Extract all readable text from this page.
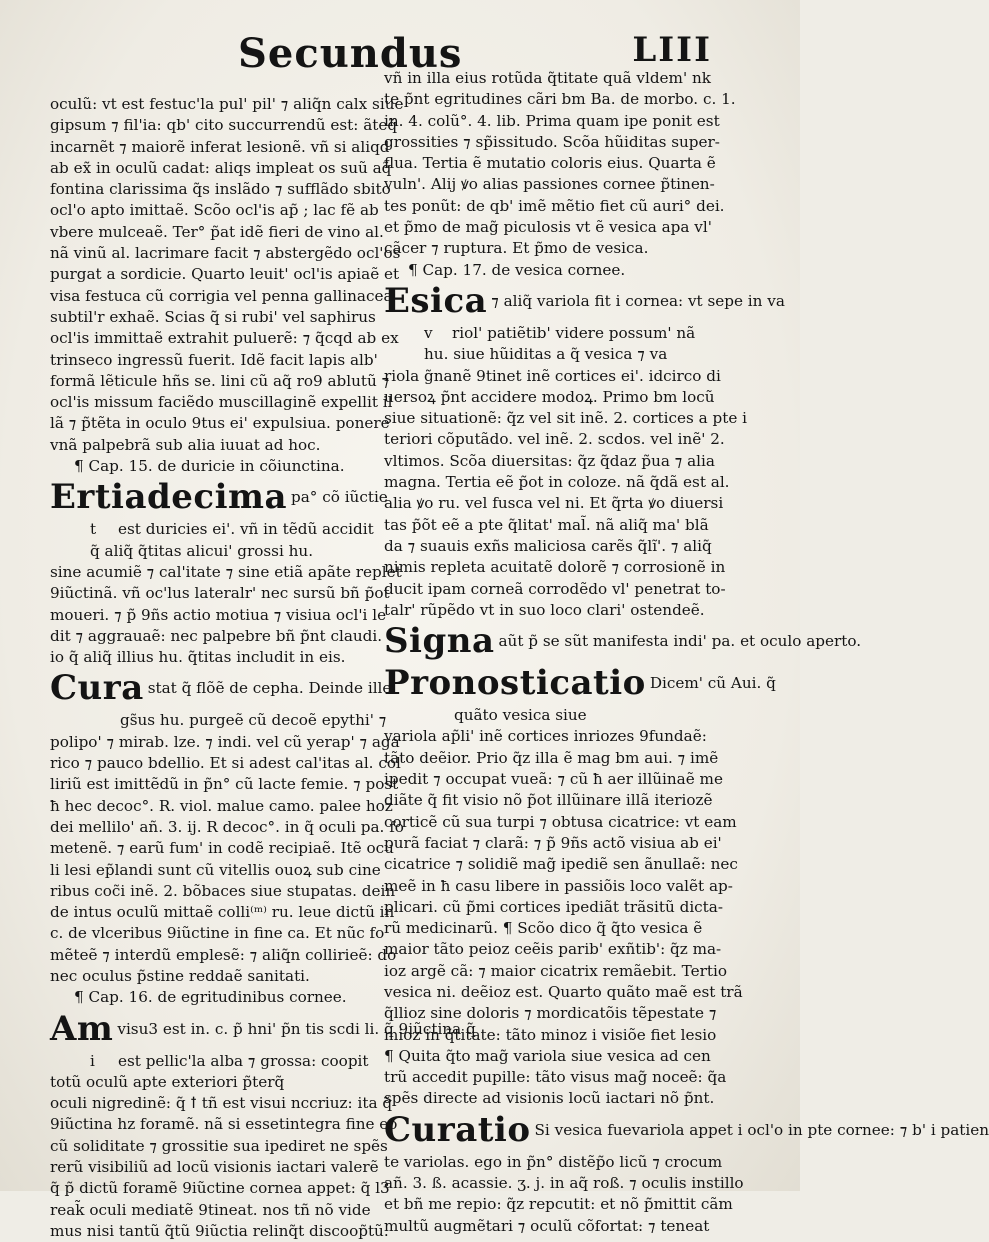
Secundus	LIII
oculũ: vt est festuc'la pul' pil' ⁊ aliq̃n calx siue
gipsum ⁊ fil'ia: qb' cito succurrendũ est: ãteq̃
incarnẽt ⁊ maiorẽ inferat lesionẽ. vñ si aliqd
ab ex̃ in oculũ cadat: aliqs impleat os suũ aq̃
fontina clarissima q̃s inslãdo ⁊ sufflãdo sbito
ocl'o apto imittaẽ. Scõo ocl'is ap̃ ; lac fẽ ab
vbere mulceaẽ. Ter° p̃at idẽ fieri de vino al.
nã vinũ al. lacrimare facit ⁊ abstergẽdo ocl'os
purgat a sordicie. Quarto leuit' ocl'is apiaẽ et
visa festuca cũ corrigia vel penna gallinacea
subtil'r exhaẽ. Scias q̃ si rubi' vel saphirus
ocl'is immittaẽ extrahit puluerẽ: ⁊ q̃cqd ab ex
trinseco ingressũ fuerit. Idẽ facit lapis alb'
formã lẽticule hñs se. lini cũ aq̃ ro9 ablutũ ⁊
ocl'is missum faciẽdo muscillaginẽ expellit il
lã ⁊ p̃tẽta in oculo 9tus ei' expulsiua. ponere
vnã palpebrã sub alia iuuat ad hoc.
¶ Cap. 15. de duricie in cõiunctina.
Ertiadecima pa° cõ iũctie
t est duricies ei'. vñ in tẽdũ accidit
q̃ aliq̃ q̃titas alicui' grossi hu.
sine acumiẽ ⁊ cal'itate ⁊ sine etiã apãte replet
9iũctinã. vñ oc'lus lateralr' nec sursũ bñ p̃ot
moueri. ⁊ p̃ 9ñs actio motiua ⁊ visiua ocl'i le
dit ⁊ aggrauaẽ: nec palpebre bñ p̃nt claudi.
io q̃ aliq̃ illius hu. q̃titas includit in eis.
Cura stat q̃ flõẽ de cepha. Deinde ille
gs̃us hu. purgeẽ cũ decoẽ epythi' ⁊
polipo' ⁊ mirab. lze. ⁊ indi. vel cũ yerap' ⁊ aga
rico ⁊ pauco bdellio. Et si adest cal'itas al. col
liriũ est imittẽdũ in p̃n° cũ lacte femie. ⁊ post
ħ hec decoc°. R. viol. malue camo. palee hoz
dei mellilo' añ. 3. ij. R decoc°. in q̃ oculi pa. fo
metenẽ. ⁊ earũ fum' in codẽ recipiaẽ. Itẽ ocu
li lesi ep̃landi sunt cũ vitellis ouoꝝ sub cine
ribus coc̃i inẽ. 2. bõbaces siue stupatas. dein
de intus oculũ mittaẽ colli⁽ᵐ⁾ ru. leue dictũ in
c. de vlceribus 9iũctine in fine ca. Et nũc fo
mẽteẽ ⁊ interdũ emplesẽ: ⁊ aliq̃n collirieẽ: do
nec oculus p̃stine reddaẽ sanitati.
¶ Cap. 16. de egritudinibus cornee.
Am visu3 est in. c. p̃ hni' p̃n tis scdi li. q̃ 9iũctina q̃
i est pellic'la alba ⁊ grossa: coopit
totũ oculũ apte exteriori p̃terq̃
oculi nigredinẽ: q̃ ꝉ tñ est visui nccriuz: ita q̃
9iũctina hz foramẽ. nã si essetintegra fine eo
cũ soliditate ⁊ grossitie sua ipediret ne spẽs
rerũ visibiliũ ad locũ visionis iactari valerẽ
q̃ p̃ dictũ foramẽ 9iũctine cornea appet: q̃ l3
reak̃ oculi mediatẽ 9tineat. nos tñ nõ vide
mus nisi tantũ q̃tũ 9iũctia relinq̃t discoop̃tũ.
vñ in illa eius rotũda q̃titate quã vldem' nk
te p̃nt egritudines cãri bm Ba. de morbo. c. 1.
in. 4. colũ°. 4. lib. Prima quam ipe ponit est
grossities ⁊ sp̃issitudo. Scõa hũiditas super-
flua. Tertia ẽ mutatio coloris eius. Quarta ẽ
vuln'. Alij ꝟo alias passiones cornee p̃tinen-
tes ponũt: de qb' imẽ mẽtio fiet cũ auri° dei.
et p̃mo de mag̃ piculosis vt ẽ vesica apa vl'
cãcer ⁊ ruptura. Et p̃mo de vesica.
¶ Cap. 17. de vesica cornee.
Esica ⁊ aliq̃ variola fit i cornea: vt sepe in va
v riol' patiẽtib' videre possum' nã
hu. siue hũiditas a q̃ vesica ⁊ va
riola g̃nanẽ 9tinet inẽ cortices ei'. idcirco di
uersoꝝ p̃nt accidere modoꝝ. Primo bm locũ
siue situationẽ: q̃z vel sit inẽ. 2. cortices a pte i
teriori cõputãdo. vel inẽ. 2. scdos. vel inẽ' 2.
vltimos. Scõa diuersitas: q̃z q̃daz p̃ua ⁊ alia
magna. Tertia eẽ p̃ot in coloze. nã q̃dã est al.
alia ꝟo ru. vel fusca vel ni. Et q̃rta ꝟo diuersi
tas p̃õt eẽ a pte q̃litat' mal̃. nã aliq̃ ma' blã
da ⁊ suauis exñs maliciosa carẽs q̃lĩ'. ⁊ aliq̃
nimis repleta acuitatẽ dolorẽ ⁊ corrosionẽ in
ducit ipam corneã corrodẽdo vl' penetrat to-
talr' rũpẽdo vt in suo loco clari' ostendeẽ.
Signa aũt p̃ se sũt manifesta indi' pa. et oculo aperto.
Pronosticatio Dicem' cũ Aui. q̃
quãto vesica siue
variola ap̃li' inẽ cortices inriozes 9fundaẽ:
tãto deẽior. Prio q̃z illa ẽ mag bm aui. ⁊ imẽ
ipedit ⁊ occupat vueã: ⁊ cũ ħ aer illũinaẽ me
diãte q̃ fit visio nõ p̃ot illũinare illã iteriozẽ
corticẽ cũ sua turpi ⁊ obtusa cicatrice: vt eam
purã faciat ⁊ clarã: ⁊ p̃ 9ñs actõ visiua ab ei'
cicatrice ⁊ solidiẽ mag̃ ipediẽ sen ãnullaẽ: nec
meẽ in ħ casu libere in passiõis loco valẽt ap-
plicari. cũ p̃mi cortices ipediãt trãsitũ dicta-
rũ medicinarũ. ¶ Scõo dico q̃ q̃to vesica ẽ
maior tãto peioz ceẽis parib' exñtib': q̃z ma-
ioz argẽ cã: ⁊ maior cicatrix remãebit. Tertio
vesica ni. deẽioz est. Quarto quãto maẽ est trã
q̃llioz sine doloris ⁊ mordicatõis tẽpestate ⁊
mioz in q̃titate: tãto minoz i visiõe fiet lesio
¶ Quita q̃to mag̃ variola siue vesica ad cen
trũ accedit pupille: tãto visus mag̃ noceẽ: q̃a
spẽs directe ad visionis locũ iactari nõ p̃nt.
Curatio Si vesica fuevariola appet i ocl'o in pte cornee: ⁊ b' i patien
te variolas. ego in p̃n° distẽp̃o licũ ⁊ crocum
añ. 3. ß. acassie. ʒ. j. in aq̃ roß. ⁊ oculis instillo
et bñ me repio: q̃z repcutit: et nõ p̃mittit cãm
multũ augmẽtari ⁊ oculũ cõfortat: ⁊ teneat
